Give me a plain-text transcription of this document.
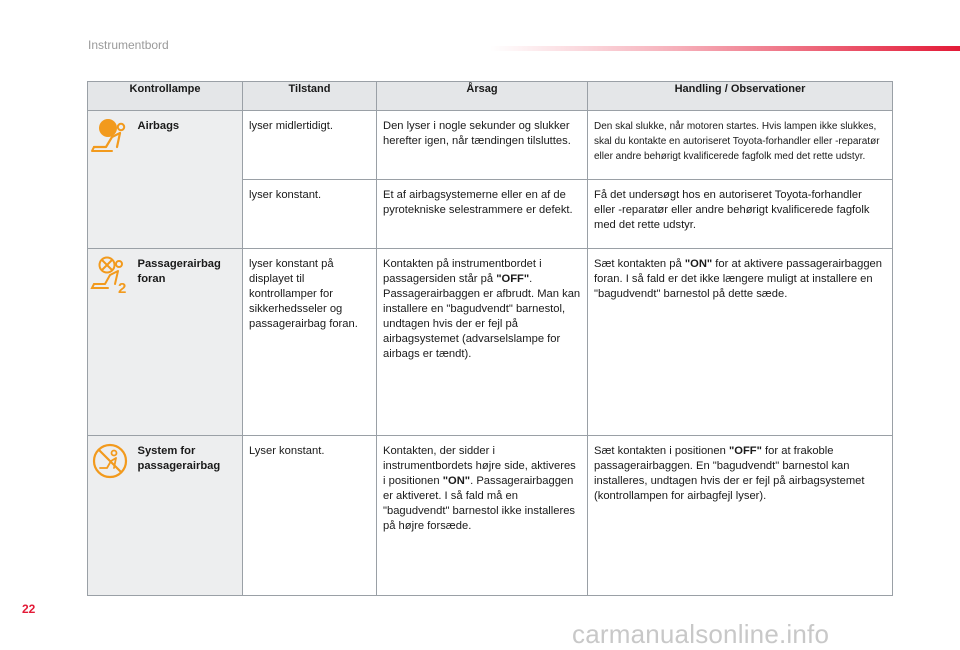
Instrumentbord
Kontrollampe		Tilstand	Årsag	Handling / Observationer

	Airbags	lyser midlertidigt.	Den lyser i nogle sekunder og slukker herefter igen, når tændingen tilsluttes.	Den skal slukke, når motoren startes. Hvis lampen ikke slukkes, skal du kontakte en autoriseret Toyota-forhandler eller -reparatør eller andre behørigt kvalificerede fagfolk med det rette udstyr.
		lyser konstant.	Et af airbagsystemerne eller en af de pyrotekniske selestrammere er defekt.	Få det undersøgt hos en autoriseret Toyota-forhandler eller -reparatør eller andre behørigt kvalificerede fagfolk med det rette udstyr.

2	Passagerairbag foran	lyser konstant på displayet til kontrollamper for sikkerhedsseler og passagerairbag foran.	Kontakten på instrumentbordet i passagersiden står på "OFF". Passagerairbaggen er afbrudt. Man kan installere en "bagudvendt" barnestol, undtagen hvis der er fejl på airbagsystemet (advarselslampe for airbags er tændt).	Sæt kontakten på "ON" for at aktivere passagerairbaggen foran. I så fald er det ikke længere muligt at installere en "bagudvendt" barnestol på dette sæde.

	System for passagerairbag	Lyser konstant.	Kontakten, der sidder i instrumentbordets højre side, aktiveres i positionen "ON". Passagerairbaggen er aktiveret. I så fald må en "bagudvendt" barnestol ikke installeres på højre forsæde.	Sæt kontakten i positionen "OFF" for at frakoble passagerairbaggen. En "bagudvendt" barnestol kan installeres, undtagen hvis der er fejl på airbagsystemet (kontrollampen for airbagfejl lyser).
22
carmanualsonline.info
